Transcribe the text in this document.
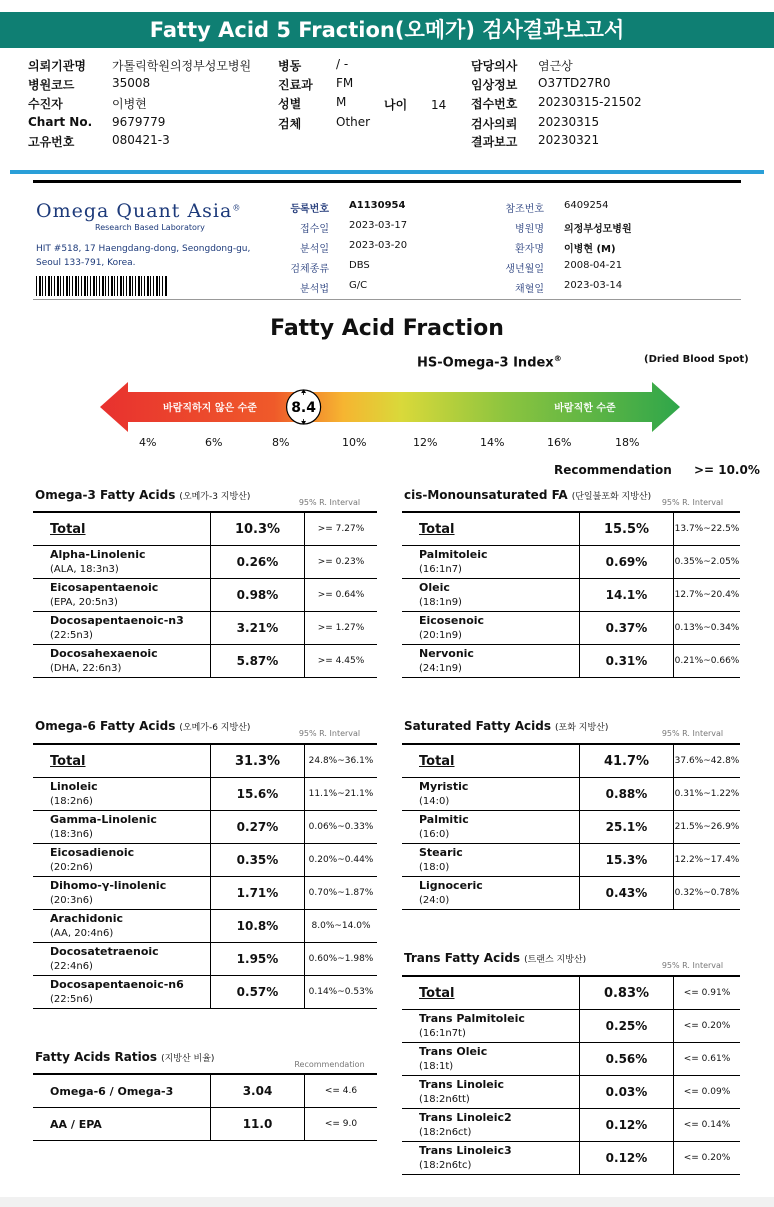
Fatty Acid 5 Fraction(오메가) 검사결과보고서
의뢰기관명 가톨릭학원의정부성모병원
병원코드	35008
수진자	이병현
Chart No. 9679779
고유번호	080421-3
병동	/ -
진료과 FM
성별	M
검체	Other
나이 14
담당의사 염근상
임상정보 O37TD27R0
접수번호 20230315-21502
검사의뢰 20230315
결과보고 20230321
Omega Quant Asia®
Research Based Laboratory
HIT #518, 17 Haengdang-dong, Seongdong-gu,
Seoul 133-791, Korea.
등록번호 A1130954
접수일 2023-03-17
분석일 2023-03-20
검체종류 DBS
분석법 G/C
참조번호 6409254
병원명 의정부성모병원
환자명 이병현 (M)
생년월일 2008-04-21
채혈일 2023-03-14
Fatty Acid Fraction
HS-Omega-3 Index®	(Dried Blood Spot)
바람직하지 않은 수준	바람직한 수준
8.4
4%	6%	8%	10%	12%	14%	16%	18%
Recommendation >= 10.0%
Omega-3 Fatty Acids (오메가-3 지방산)
95% R. Interval
Total	10.3%	>= 7.27%
Alpha-Linolenic
(ALA, 18:3n3)	0.26%	>= 0.23%
Eicosapentaenoic
(EPA, 20:5n3)	0.98%	>= 0.64%
Docosapentaenoic-n3
(22:5n3)	3.21%	>= 1.27%
Docosahexaenoic
(DHA, 22:6n3)	5.87%	>= 4.45%
cis-Monounsaturated FA (단일불포화 지방산)
95% R. Interval
Total	15.5%	13.7%~22.5%
Palmitoleic
(16:1n7)	0.69%	0.35%~2.05%
Oleic
(18:1n9)	14.1%	12.7%~20.4%
Eicosenoic
(20:1n9)	0.37%	0.13%~0.34%
Nervonic
(24:1n9)	0.31%	0.21%~0.66%
Omega-6 Fatty Acids (오메가-6 지방산)
95% R. Interval
Total	31.3%	24.8%~36.1%
Linoleic
(18:2n6)	15.6%	11.1%~21.1%
Gamma-Linolenic
(18:3n6)	0.27%	0.06%~0.33%
Eicosadienoic
(20:2n6)	0.35%	0.20%~0.44%
Dihomo-γ-linolenic
(20:3n6)	1.71%	0.70%~1.87%
Arachidonic
(AA, 20:4n6)	10.8%	8.0%~14.0%
Docosatetraenoic
(22:4n6)	1.95%	0.60%~1.98%
Docosapentaenoic-n6
(22:5n6)	0.57%	0.14%~0.53%
Saturated Fatty Acids (포화 지방산)
95% R. Interval
Total	41.7%	37.6%~42.8%
Myristic
(14:0)	0.88%	0.31%~1.22%
Palmitic
(16:0)	25.1%	21.5%~26.9%
Stearic
(18:0)	15.3%	12.2%~17.4%
Lignoceric
(24:0)	0.43%	0.32%~0.78%
Trans Fatty Acids (트랜스 지방산)
95% R. Interval
Total	0.83%	<= 0.91%
Trans Palmitoleic
(16:1n7t)	0.25%	<= 0.20%
Trans Oleic
(18:1t)	0.56%	<= 0.61%
Trans Linoleic
(18:2n6tt)	0.03%	<= 0.09%
Trans Linoleic2
(18:2n6ct)	0.12%	<= 0.14%
Trans Linoleic3
(18:2n6tc)	0.12%	<= 0.20%
Fatty Acids Ratios (지방산 비율)
Recommendation
Omega-6 / Omega-3	3.04	<= 4.6
AA / EPA	11.0	<= 9.0
